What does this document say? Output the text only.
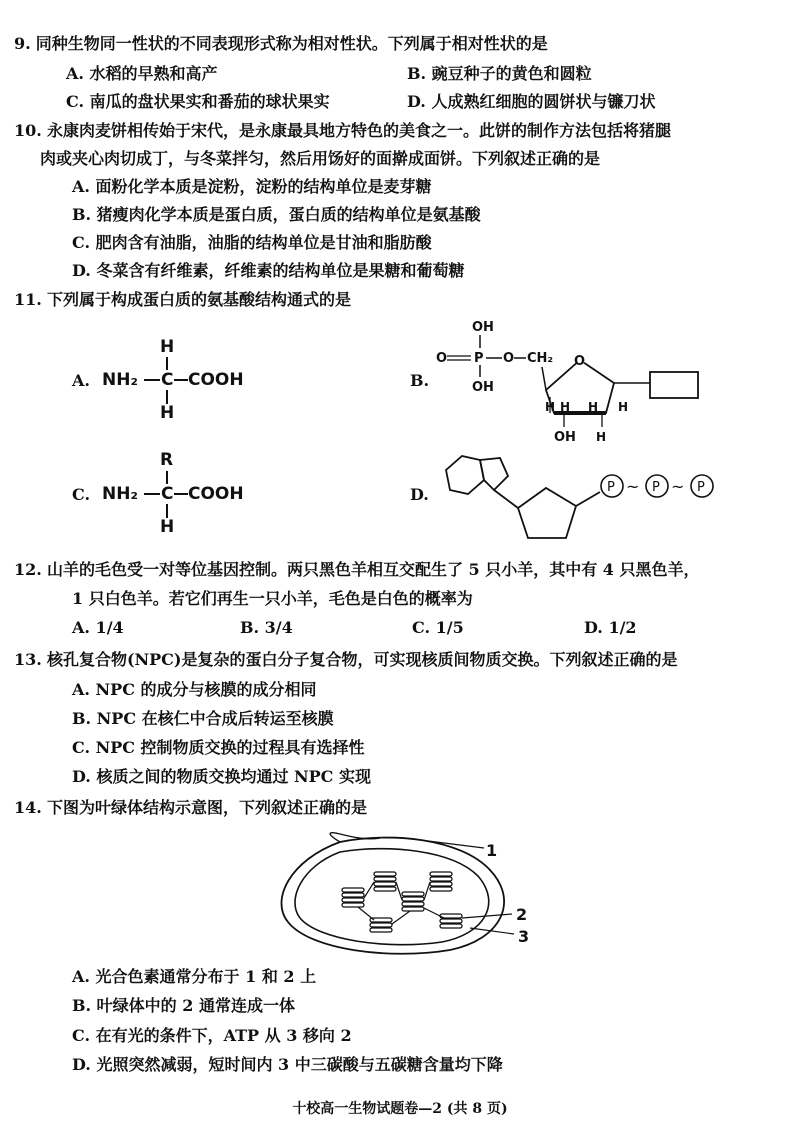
9. 同种生物同一性状的不同表现形式称为相对性状。下列属于相对性状的是
A. 水稻的早熟和高产	B. 豌豆种子的黄色和圆粒
C. 南瓜的盘状果实和番茄的球状果实	D. 人成熟红细胞的圆饼状与镰刀状
10. 永康肉麦饼相传始于宋代，是永康最具地方特色的美食之一。此饼的制作方法包括将猪腿
肉或夹心肉切成丁，与冬菜拌匀，然后用饧好的面擀成面饼。下列叙述正确的是
A. 面粉化学本质是淀粉，淀粉的结构单位是麦芽糖
B. 猪瘦肉化学本质是蛋白质，蛋白质的结构单位是氨基酸
C. 肥肉含有油脂，油脂的结构单位是甘油和脂肪酸
D. 冬菜含有纤维素，纤维素的结构单位是果糖和葡萄糖
11. 下列属于构成蛋白质的氨基酸结构通式的是
A.
H
NH₂ C COOH
H
B.
OH
O P O CH₂
OH
O
H H H H
OH H
C.
R
NH₂ C COOH
H
D.	P ~ P ~ P
12. 山羊的毛色受一对等位基因控制。两只黑色羊相互交配生了 5 只小羊，其中有 4 只黑色羊，
1 只白色羊。若它们再生一只小羊，毛色是白色的概率为
A. 1/4	B. 3/4	C. 1/5	D. 1/2
13. 核孔复合物(NPC)是复杂的蛋白分子复合物，可实现核质间物质交换。下列叙述正确的是
A. NPC 的成分与核膜的成分相同
B. NPC 在核仁中合成后转运至核膜
C. NPC 控制物质交换的过程具有选择性
D. 核质之间的物质交换均通过 NPC 实现
14. 下图为叶绿体结构示意图，下列叙述正确的是
1
2
3
A. 光合色素通常分布于 1 和 2 上
B. 叶绿体中的 2 通常连成一体
C. 在有光的条件下，ATP 从 3 移向 2
D. 光照突然减弱，短时间内 3 中三碳酸与五碳糖含量均下降
十校高一生物试题卷—2 (共 8 页)
